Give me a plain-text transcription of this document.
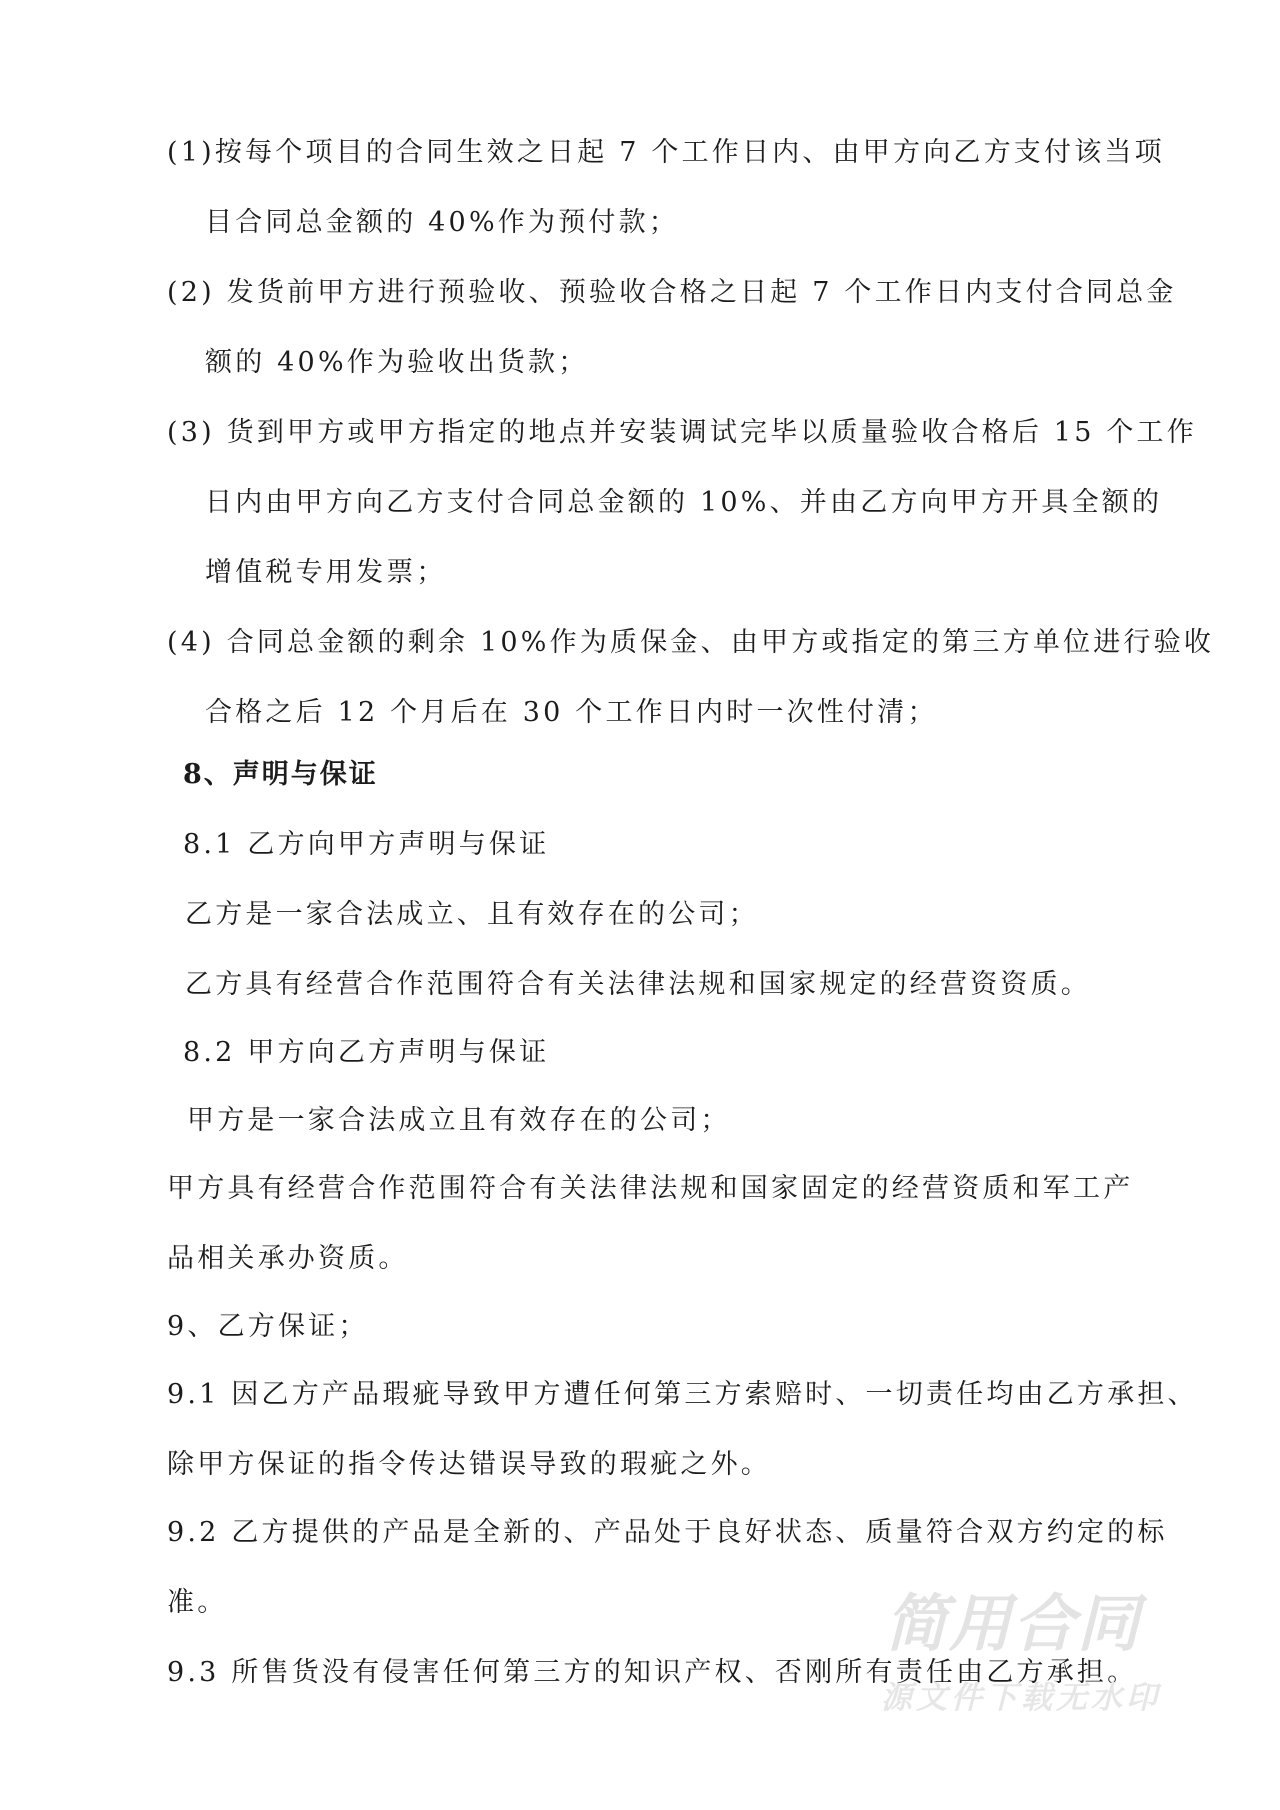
(1)按每个项目的合同生效之日起 7 个工作日内、由甲方向乙方支付该当项
目合同总金额的 40%作为预付款；
(2) 发货前甲方进行预验收、预验收合格之日起 7 个工作日内支付合同总金
额的 40%作为验收出货款；
(3) 货到甲方或甲方指定的地点并安装调试完毕以质量验收合格后 15 个工作
日内由甲方向乙方支付合同总金额的 10%、并由乙方向甲方开具全额的
增值税专用发票；
(4) 合同总金额的剩余 10%作为质保金、由甲方或指定的第三方单位进行验收
合格之后 12 个月后在 30 个工作日内时一次性付清；
8、声明与保证
8.1 乙方向甲方声明与保证
乙方是一家合法成立、且有效存在的公司；
乙方具有经营合作范围符合有关法律法规和国家规定的经营资资质。
8.2 甲方向乙方声明与保证
甲方是一家合法成立且有效存在的公司；
甲方具有经营合作范围符合有关法律法规和国家固定的经营资质和军工产
品相关承办资质。
9、乙方保证；
9.1 因乙方产品瑕疵导致甲方遭任何第三方索赔时、一切责任均由乙方承担、
除甲方保证的指令传达错误导致的瑕疵之外。
9.2 乙方提供的产品是全新的、产品处于良好状态、质量符合双方约定的标
准。
9.3 所售货没有侵害任何第三方的知识产权、否刚所有责任由乙方承担。
简用合同
源文件下载无水印
